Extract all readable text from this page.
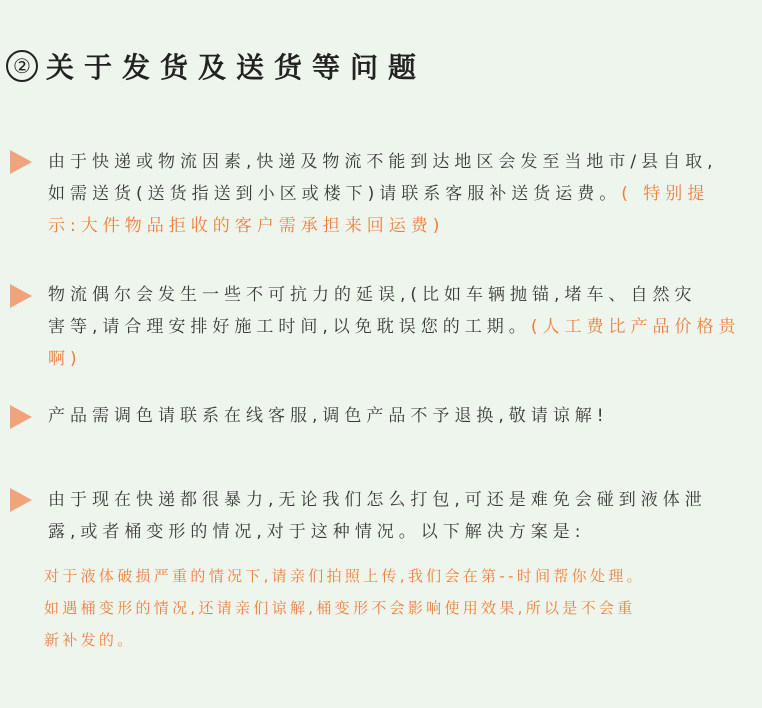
② 关于发货及送货等问题
由于快递或物流因素,快递及物流不能到达地区会发至当地市/县自取,
如需送货(送货指送到小区或楼下)请联系客服补送货运费。( 特别提
示:大件物品拒收的客户需承担来回运费)
物流偶尔会发生一些不可抗力的延误,(比如车辆抛锚,堵车、自然灾
害等,请合理安排好施工时间,以免耽误您的工期。(人工费比产品价格贵
啊)
产品需调色请联系在线客服,调色产品不予退换,敬请谅解!
由于现在快递都很暴力,无论我们怎么打包,可还是难免会碰到液体泄
露,或者桶变形的情况,对于这种情况。以下解决方案是:
对于液体破损严重的情况下,请亲们拍照上传,我们会在第--时间帮你处理。
如遇桶变形的情况,还请亲们谅解,桶变形不会影响使用效果,所以是不会重
新补发的。
